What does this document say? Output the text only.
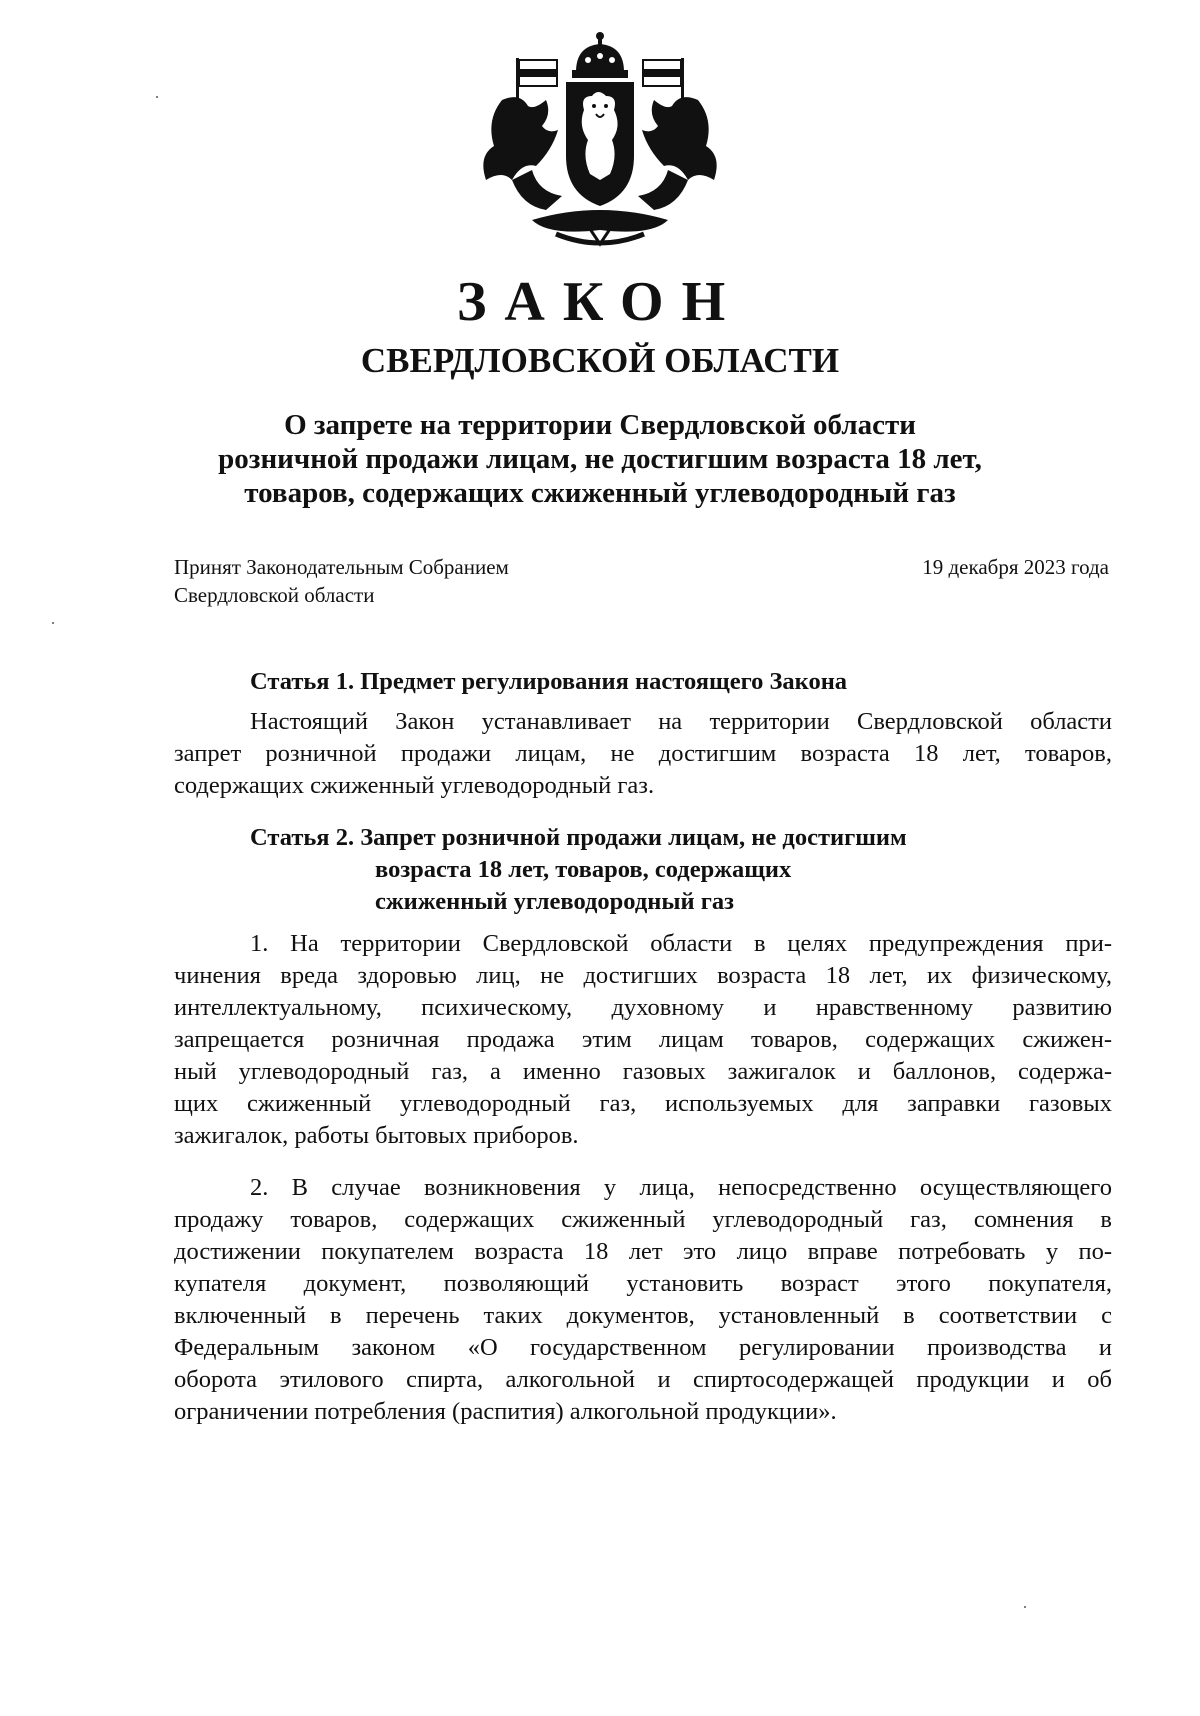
ЗАКОН
СВЕРДЛОВСКОЙ ОБЛАСТИ
О запрете на территории Свердловской области
розничной продажи лицам, не достигшим возраста 18 лет,
товаров, содержащих сжиженный углеводородный газ
Принят Законодательным Собранием
Свердловской области
19 декабря 2023 года
Статья 1. Предмет регулирования настоящего Закона
Настоящий Закон устанавливает на территории Свердловской области
запрет розничной продажи лицам, не достигшим возраста 18 лет, товаров,
содержащих сжиженный углеводородный газ.
Статья 2. Запрет розничной продажи лицам, не достигшим
возраста 18 лет, товаров, содержащих
сжиженный углеводородный газ
1. На территории Свердловской области в целях предупреждения при-
чинения вреда здоровью лиц, не достигших возраста 18 лет, их физическому,
интеллектуальному, психическому, духовному и нравственному развитию
запрещается розничная продажа этим лицам товаров, содержащих сжижен-
ный углеводородный газ, а именно газовых зажигалок и баллонов, содержа-
щих сжиженный углеводородный газ, используемых для заправки газовых
зажигалок, работы бытовых приборов.
2. В случае возникновения у лица, непосредственно осуществляющего
продажу товаров, содержащих сжиженный углеводородный газ, сомнения в
достижении покупателем возраста 18 лет это лицо вправе потребовать у по-
купателя документ, позволяющий установить возраст этого покупателя,
включенный в перечень таких документов, установленный в соответствии с
Федеральным законом «О государственном регулировании производства и
оборота этилового спирта, алкогольной и спиртосодержащей продукции и об
ограничении потребления (распития) алкогольной продукции».
